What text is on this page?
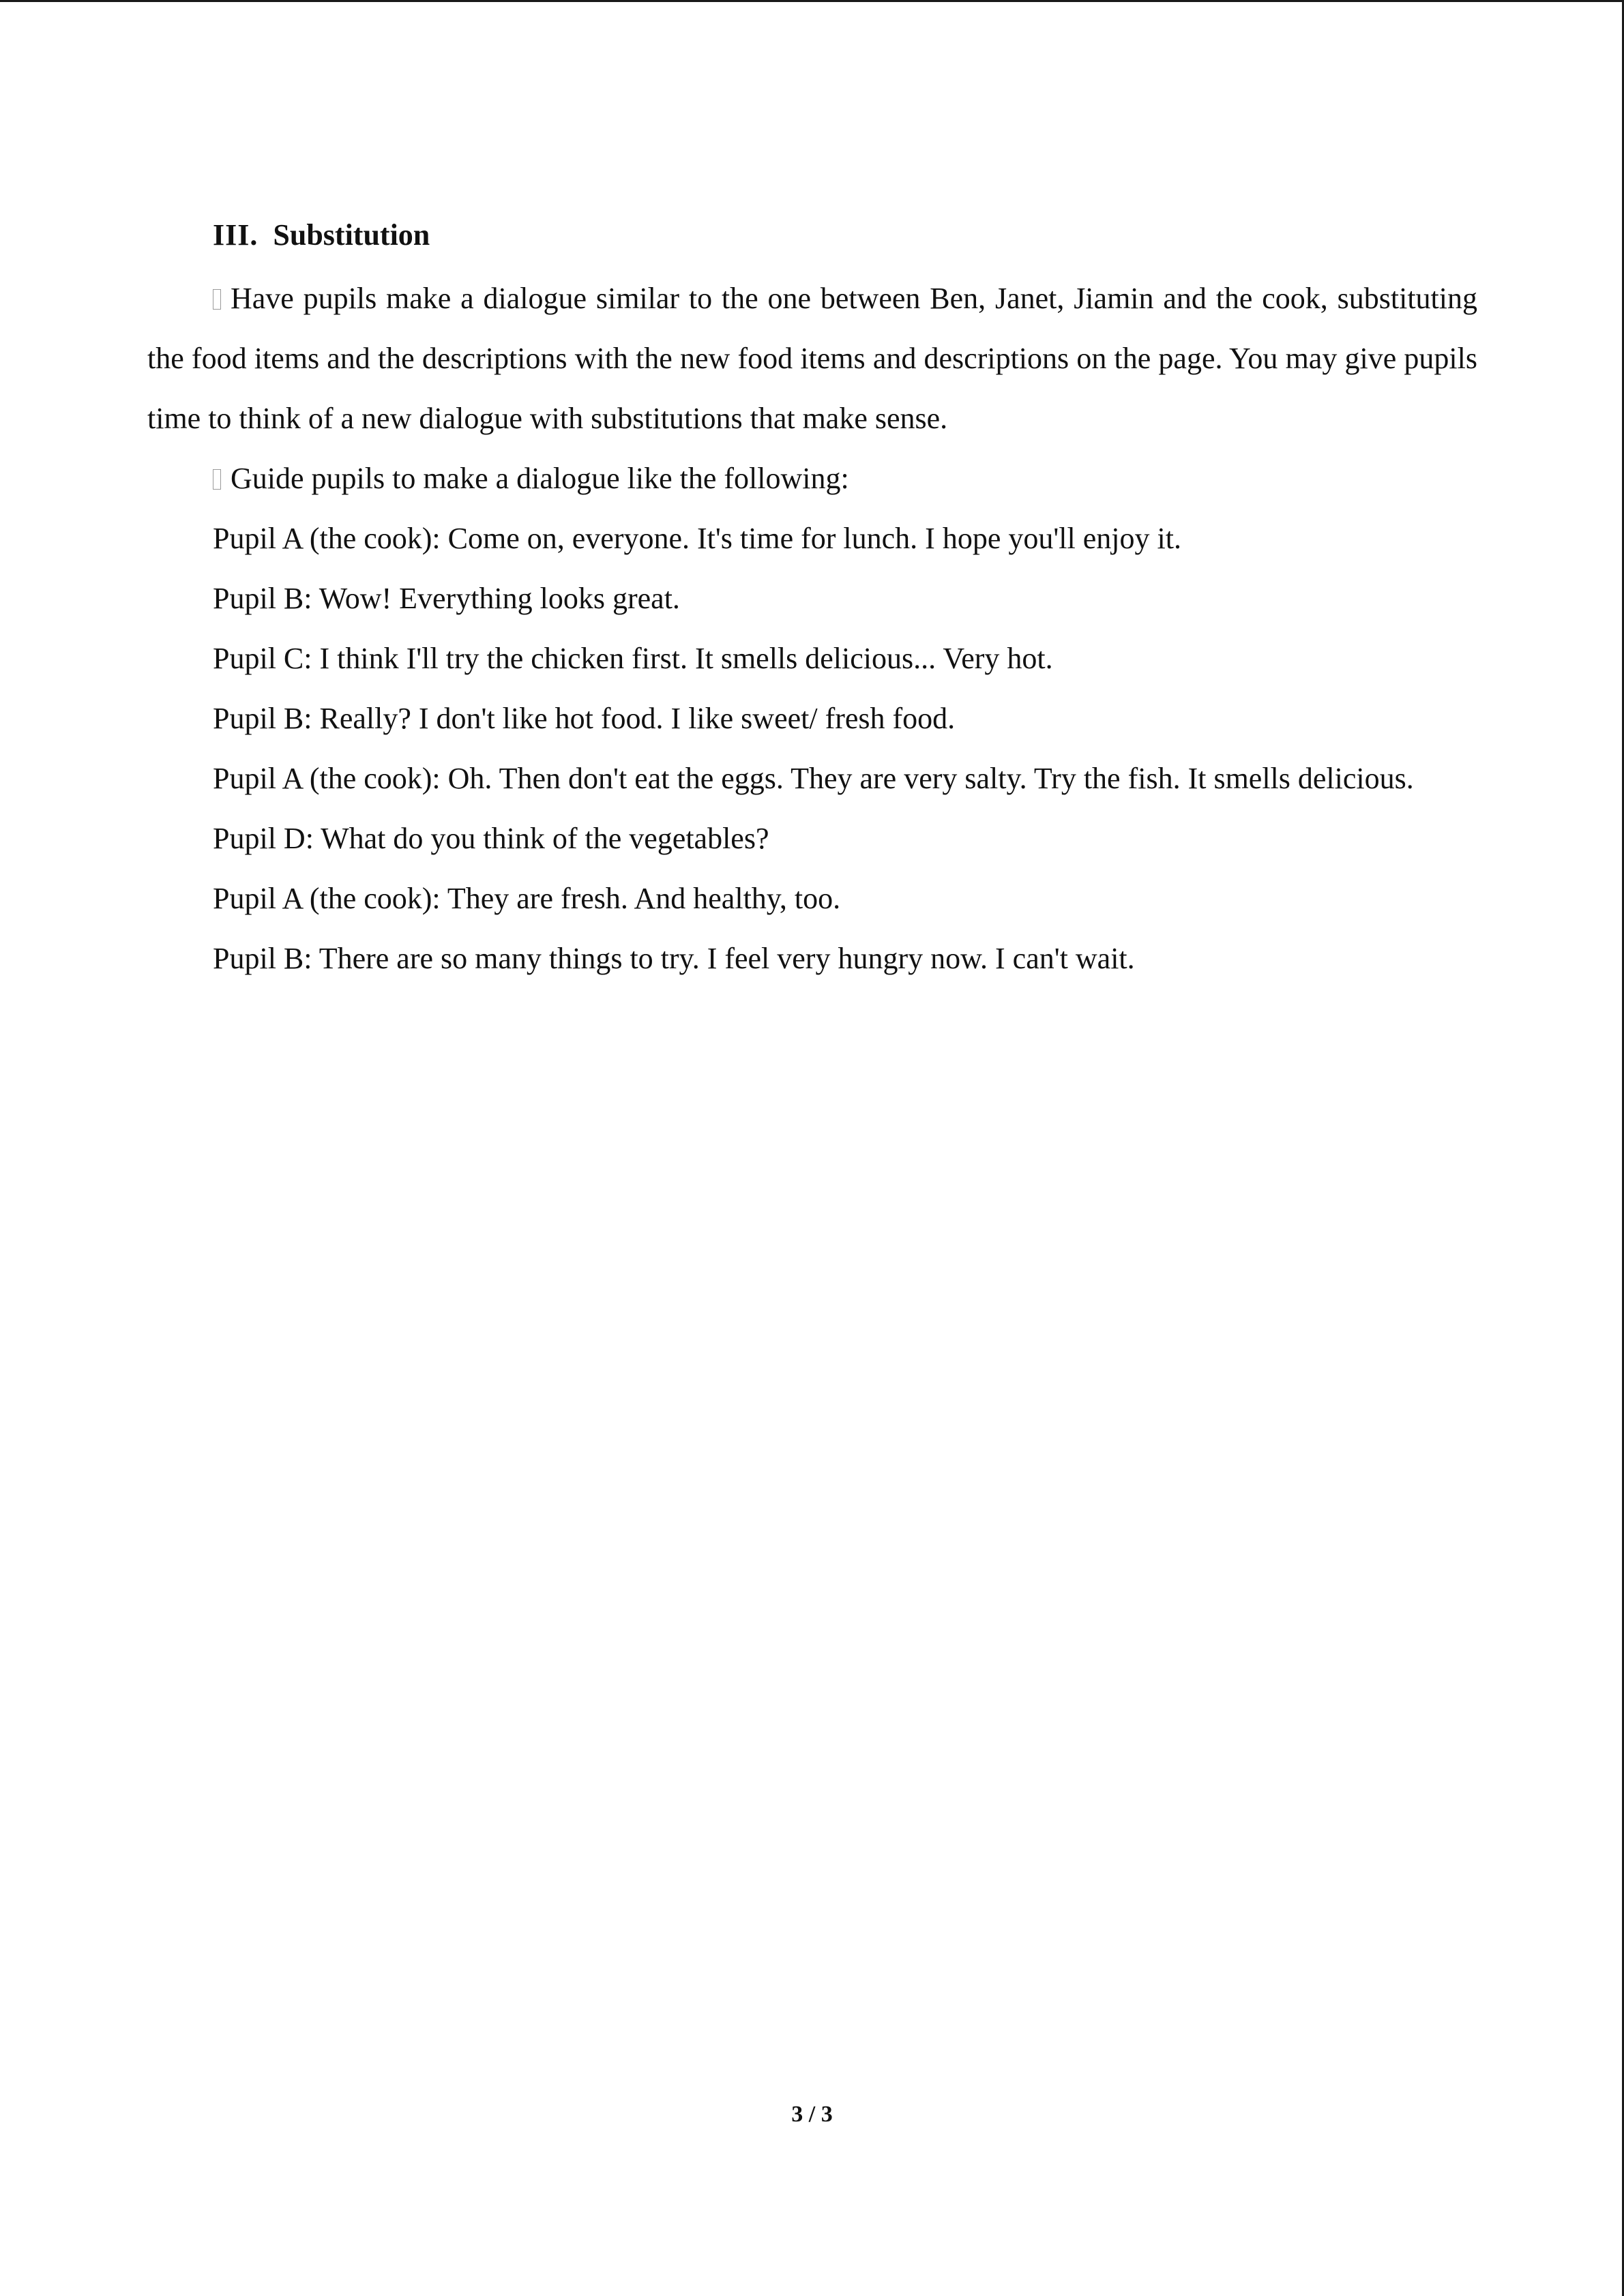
III. Substitution

Have pupils make a dialogue similar to the one between Ben, Janet, Jiamin and the cook, substituting the food items and the descriptions with the new food items and descriptions on the page. You may give pupils time to think of a new dialogue with substitutions that make sense.

Guide pupils to make a dialogue like the following:

Pupil A (the cook): Come on, everyone. It's time for lunch. I hope you'll enjoy it.

Pupil B: Wow! Everything looks great.

Pupil C: I think I'll try the chicken first. It smells delicious... Very hot.

Pupil B: Really? I don't like hot food. I like sweet/ fresh food.

Pupil A (the cook): Oh. Then don't eat the eggs. They are very salty. Try the fish. It smells delicious.

Pupil D: What do you think of the vegetables?

Pupil A (the cook): They are fresh. And healthy, too.

Pupil B: There are so many things to try. I feel very hungry now. I can't wait.

3 / 3
